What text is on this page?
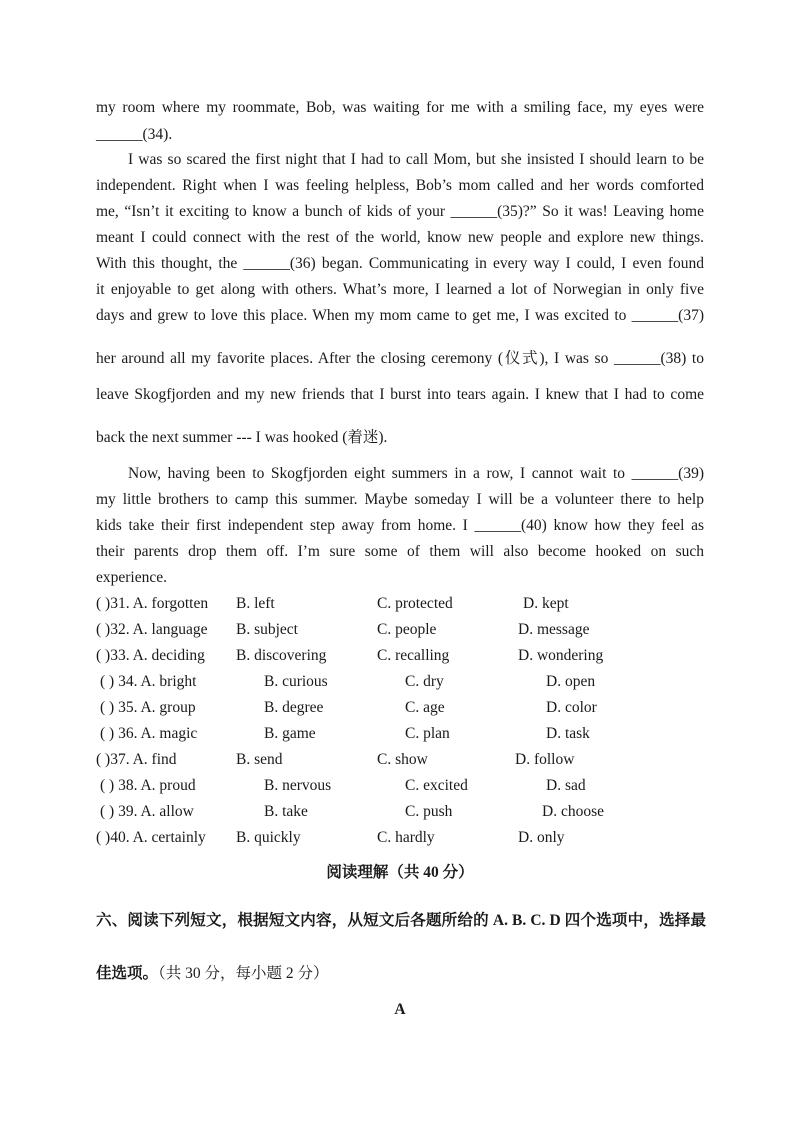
my room where my roommate, Bob, was waiting for me with a smiling face, my eyes were
______(34).
I was so scared the first night that I had to call Mom, but she insisted I should learn to be
independent. Right when I was feeling helpless, Bob’s mom called and her words comforted
me, “Isn’t it exciting to know a bunch of kids of your ______(35)?” So it was! Leaving home
meant I could connect with the rest of the world, know new people and explore new things.
With this thought, the ______(36) began. Communicating in every way I could, I even found
it enjoyable to get along with others. What’s more, I learned a lot of Norwegian in only five
days and grew to love this place. When my mom came to get me, I was excited to ______(37)
her around all my favorite places. After the closing ceremony (仪式), I was so ______(38) to
leave Skogfjorden and my new friends that I burst into tears again. I knew that I had to come
back the next summer --- I was hooked (着迷).
Now, having been to Skogfjorden eight summers in a row, I cannot wait to ______(39)
my little brothers to camp this summer. Maybe someday I will be a volunteer there to help
kids take their first independent step away from home. I ______(40) know how they feel as
their parents drop them off. I’m sure some of them will also become hooked on such
experience.
( )31. A. forgotten B. left	C. protected	D. kept
( )32. A. language B. subject	C. people	D. message
( )33. A. deciding B. discovering	C. recalling	D. wondering
( ) 34. A. bright	B. curious	C. dry	D. open
( ) 35. A. group	B. degree	C. age	D. color
( ) 36. A. magic	B. game	C. plan	D. task
( )37. A. find	B. send	C. show	D. follow
( ) 38. A. proud	B. nervous	C. excited	D. sad
( ) 39. A. allow	B. take	C. push	D. choose
( )40. A. certainly B. quickly	C. hardly	D. only
阅读理解（共 40 分）
六、阅读下列短文，根据短文内容，从短文后各题所给的 A. B. C. D 四个选项中，选择最
佳选项。（共 30 分，每小题 2 分）
A
